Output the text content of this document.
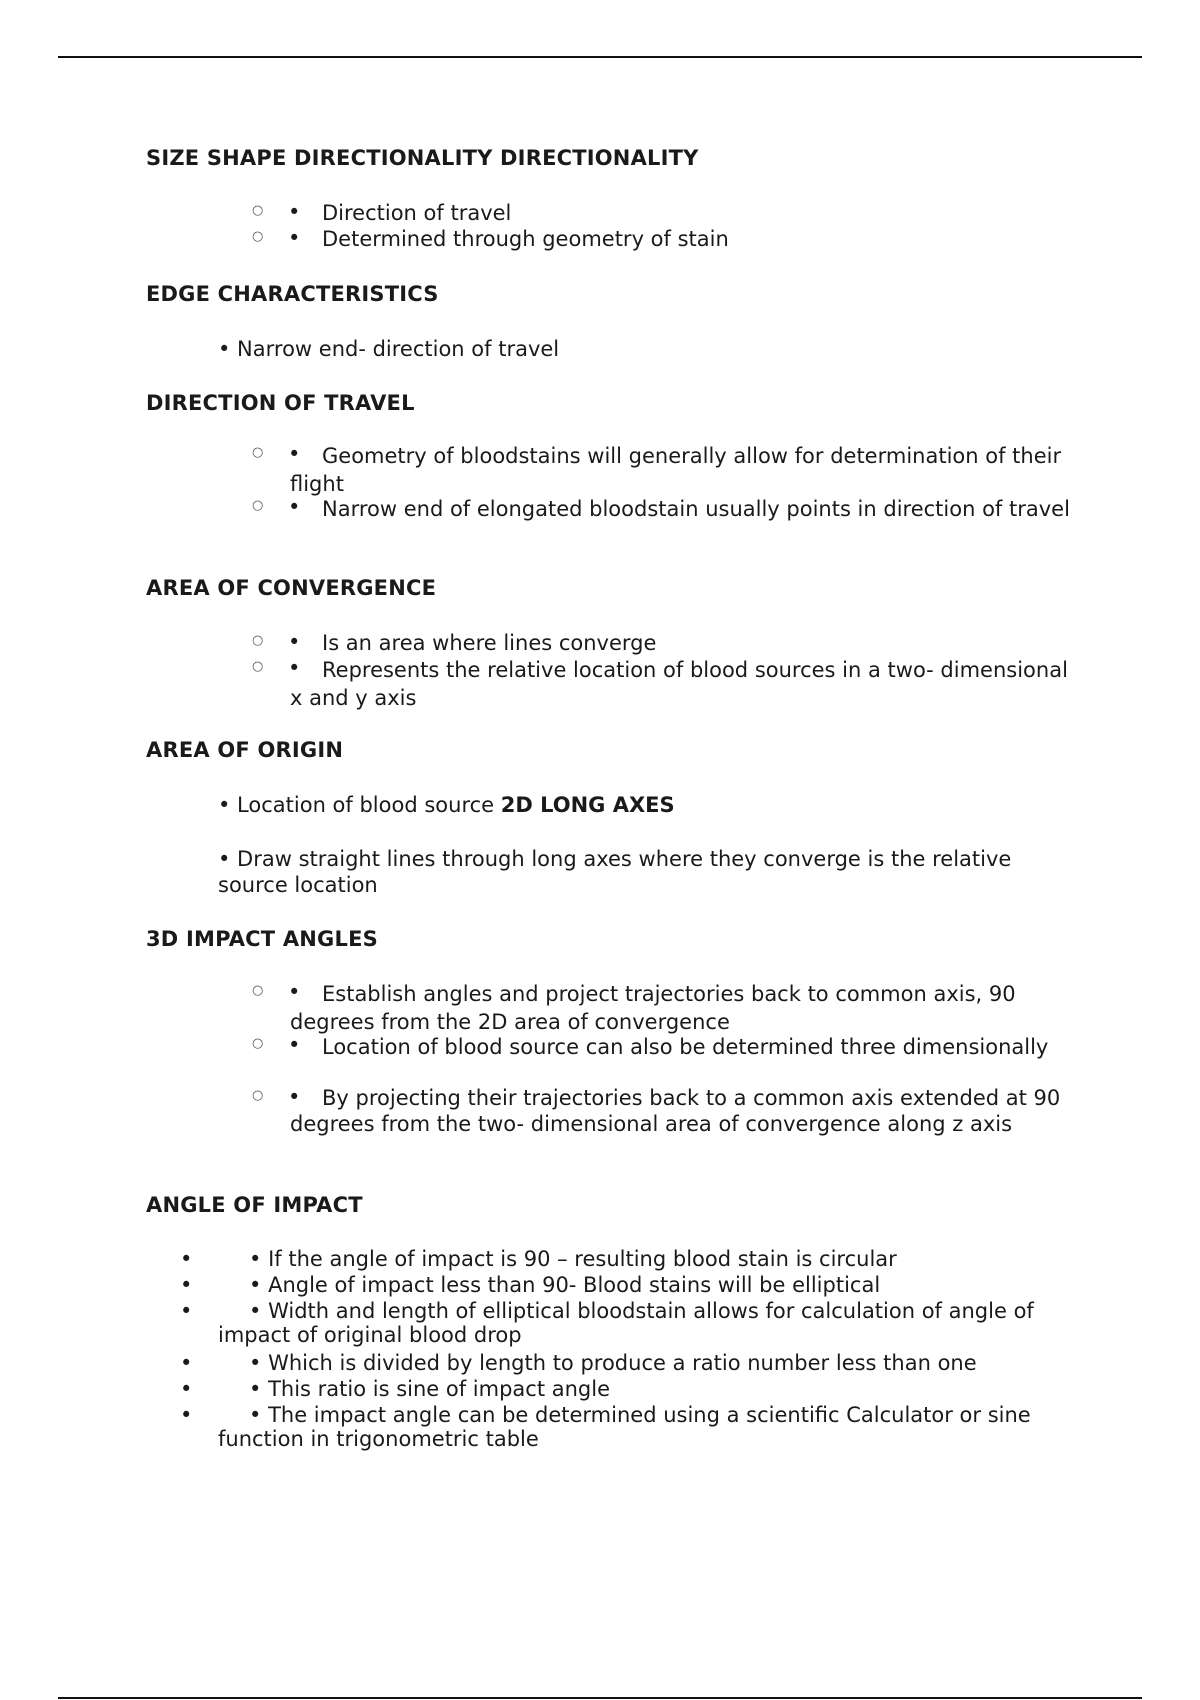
SIZE SHAPE DIRECTIONALITY DIRECTIONALITY
○ •	Direction of travel
○ •	Determined through geometry of stain
EDGE CHARACTERISTICS
• Narrow end- direction of travel
DIRECTION OF TRAVEL
○ •	Geometry of bloodstains will generally allow for determination of their flight
○ •	Narrow end of elongated bloodstain usually points in direction of travel
AREA OF CONVERGENCE
○ •	Is an area where lines converge
○ •	Represents the relative location of blood sources in a two- dimensional x and y axis
AREA OF ORIGIN
• Location of blood source 2D LONG AXES
• Draw straight lines through long axes where they converge is the relative source location
3D IMPACT ANGLES
○ •	Establish angles and project trajectories back to common axis, 90 degrees from the 2D area of convergence
○ •	Location of blood source can also be determined three dimensionally
○ •	By projecting their trajectories back to a common axis extended at 90 degrees from the two- dimensional area of convergence along z axis
ANGLE OF IMPACT
•	• If the angle of impact is 90 – resulting blood stain is circular
•	• Angle of impact less than 90- Blood stains will be elliptical
•	• Width and length of elliptical bloodstain allows for calculation of angle of impact of original blood drop
•	• Which is divided by length to produce a ratio number less than one
•	• This ratio is sine of impact angle
•	• The impact angle can be determined using a scientific Calculator or sine function in trigonometric table
